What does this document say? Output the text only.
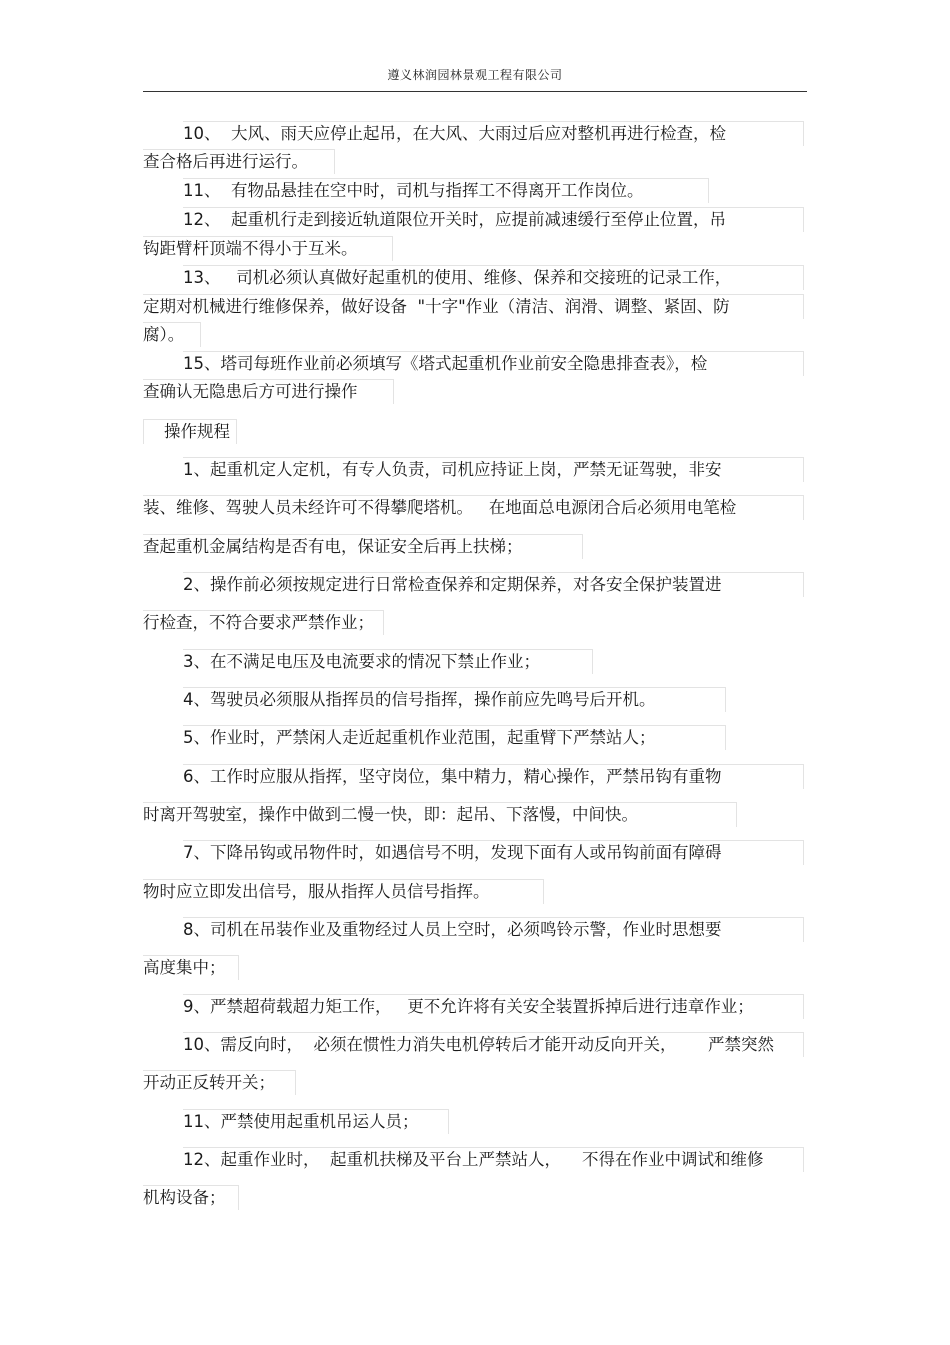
遵义林润园林景观工程有限公司
10、  大风、雨天应停止起吊，在大风、大雨过后应对整机再进行检查，检
查合格后再进行运行。
11、  有物品悬挂在空中时，司机与指挥工不得离开工作岗位。
12、  起重机行走到接近轨道限位开关时，应提前减速缓行至停止位置，吊
钩距臂杆顶端不得小于互米。
13、   司机必须认真做好起重机的使用、维修、保养和交接班的记录工作，
定期对机械进行维修保养，做好设备  "十字"作业（清洁、润滑、调整、紧固、防
腐）。
15、塔司每班作业前必须填写《塔式起重机作业前安全隐患排查表》，检
查确认无隐患后方可进行操作
操作规程
1、起重机定人定机，有专人负责，司机应持证上岗，严禁无证驾驶，非安
装、维修、驾驶人员未经许可不得攀爬塔机。   在地面总电源闭合后必须用电笔检
查起重机金属结构是否有电，保证安全后再上扶梯；
2、操作前必须按规定进行日常检查保养和定期保养，对各安全保护装置进
行检查，不符合要求严禁作业；
3、在不满足电压及电流要求的情况下禁止作业；
4、驾驶员必须服从指挥员的信号指挥，操作前应先鸣号后开机。
5、作业时，严禁闲人走近起重机作业范围，起重臂下严禁站人；
6、工作时应服从指挥，坚守岗位，集中精力，精心操作，严禁吊钩有重物
时离开驾驶室，操作中做到二慢一快，即：起吊、下落慢，中间快。
7、下降吊钩或吊物件时，如遇信号不明，发现下面有人或吊钩前面有障碍
物时应立即发出信号，服从指挥人员信号指挥。
8、司机在吊装作业及重物经过人员上空时，必须鸣铃示警，作业时思想要
高度集中；
9、严禁超荷载超力矩工作，   更不允许将有关安全装置拆掉后进行违章作业；
10、需反向时，  必须在惯性力消失电机停转后才能开动反向开关，      严禁突然
开动正反转开关；
11、严禁使用起重机吊运人员；
12、起重作业时，  起重机扶梯及平台上严禁站人，    不得在作业中调试和维修
机构设备；
